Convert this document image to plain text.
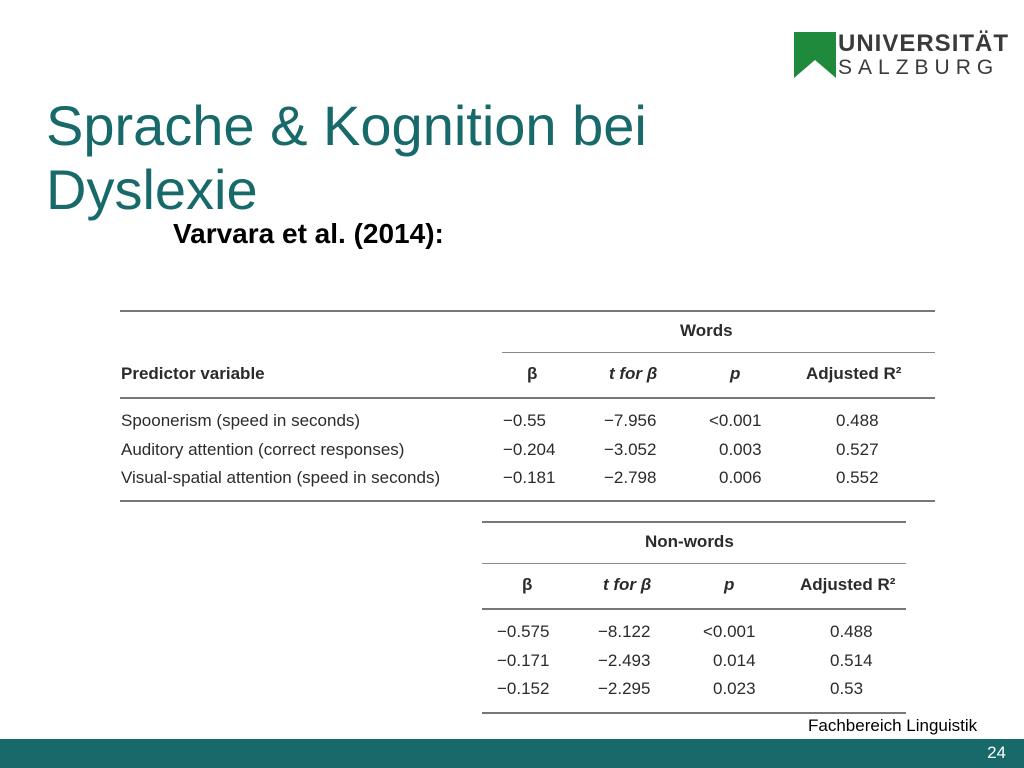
UNIVERSITÄT
SALZBURG
Sprache & Kognition bei Dyslexie
Varvara et al. (2014):
Words
Predictor variable	β	t for β	p	Adjusted R²
Spoonerism (speed in seconds)	−0.55	−7.956	<0.001	0.488
Auditory attention (correct responses)	−0.204	−3.052	0.003	0.527
Visual-spatial attention (speed in seconds)	−0.181	−2.798	0.006	0.552
Non-words
β	t for β	p	Adjusted R²
−0.575	−8.122	<0.001	0.488
−0.171	−2.493	0.014	0.514
−0.152	−2.295	0.023	0.53
Fachbereich Linguistik
24
